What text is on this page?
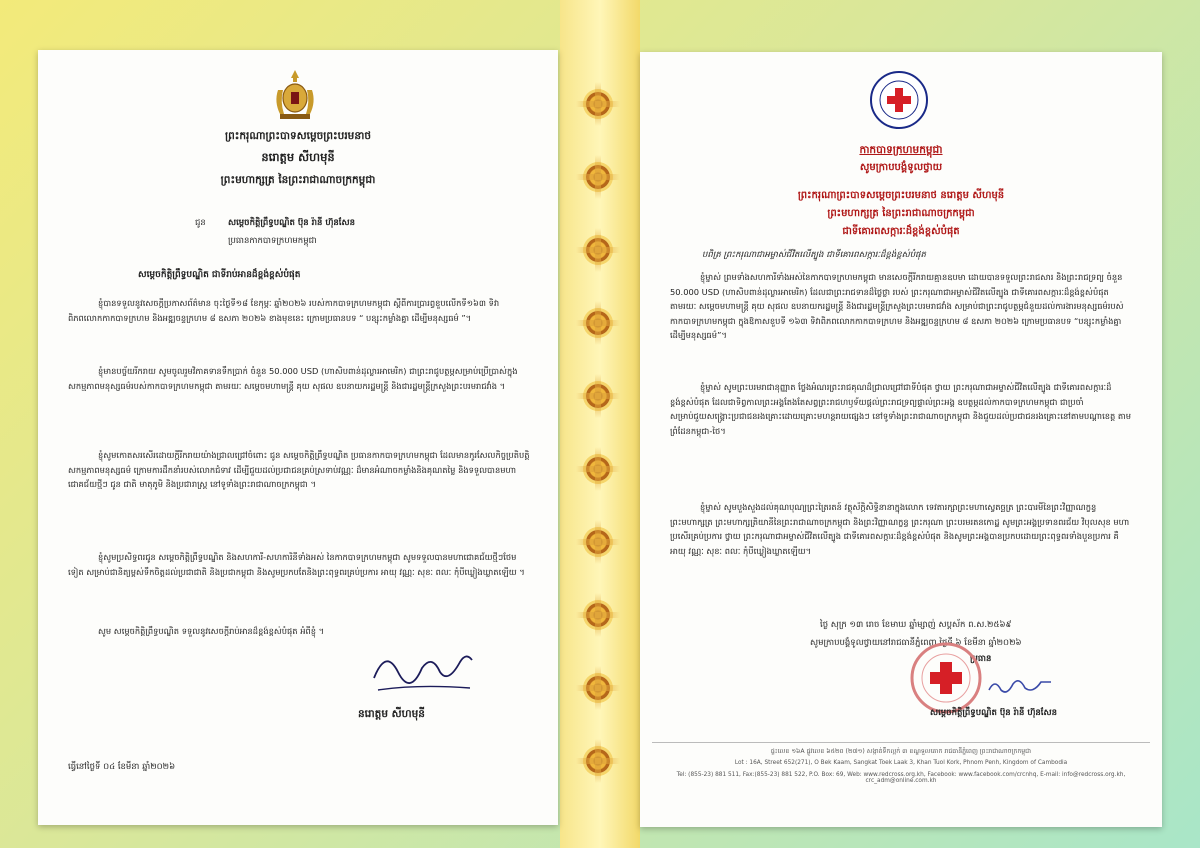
ព្រះករុណាព្រះបាទសម្តេចព្រះបរមនាថ
នរោត្តម សីហមុនី
ព្រះមហាក្សត្រ នៃព្រះរាជាណាចក្រកម្ពុជា
ជូន	សម្តេចកិត្តិព្រឹទ្ធបណ្ឌិត ប៊ុន រ៉ានី ហ៊ុនសែន
ប្រធានកាកបាទក្រហមកម្ពុជា
សម្តេចកិត្តិព្រឹទ្ធបណ្ឌិត ជាទីរាប់អានដ៏ខ្ពង់ខ្ពស់បំផុត
ខ្ញុំបានទទួលនូវសេចក្តីប្រកាសព័ត៌មាន ចុះថ្ងៃទី១៨ ខែកុម្ភៈ ឆ្នាំ២០២៦ របស់កាកបាទក្រហមកម្ពុជា ស្តីពីការប្រារព្ធខួបលើកទី១៦៣ ទិវាពិភពលោកកាកបាទក្រហម និងអឌ្ឍចន្ទក្រហម ៨ ឧសភា ២០២៦ ខាងមុខនេះ ក្រោមប្រធានបទ “ បន្សុះកម្លាំងគ្នា ដើម្បីមនុស្សធម៌ ”។
ខ្ញុំមានបច្ច័យរីករាយ សូមចូលរួមវិភាគទានទឹកប្រាក់ ចំនួន 50.000 USD (ហាសិបពាន់ដុល្លារអាមេរិក) ជាព្រះរាជូបត្ថម្ភសម្រាប់ប្រើប្រាស់ក្នុងសកម្មភាពមនុស្សធម៌របស់កាកបាទក្រហមកម្ពុជា តាមរយៈ សម្តេចមហាមន្ត្រី គុយ សុផល ឧបនាយករដ្ឋមន្ត្រី និងជារដ្ឋមន្ត្រីក្រសួងព្រះបរមរាជវាំង ។
ខ្ញុំសូមកោតសរសើរដោយក្តីរីករាយយ៉ាងជ្រាលជ្រៅចំពោះ ជូន សម្តេចកិត្តិព្រឹទ្ធបណ្ឌិត ប្រធានកាកបាទក្រហមកម្ពុជា ដែលមានកូរសែលកិច្ចប្រតិបត្តិសកម្មភាពមនុស្សធម៌ ក្រោមការដឹកនាំរបស់លោកជំទាវ ដើម្បីជួយដល់ប្រជាជនគ្រប់ស្រទាប់វណ្ណៈ ដ៏មានអំណាចកម្លាំងនិងគុណតម្លៃ និងទទួលបានមហាជោគជ័យថ្មីៗ ជូន ជាតិ មាតុភូមិ និងប្រជារាស្ត្រ នៅទូទាំងព្រះរាជាណាចក្រកម្ពុជា ។
ខ្ញុំសូមប្រសិទ្ធពរជូន សម្តេចកិត្តិព្រឹទ្ធបណ្ឌិត និងសហការី-សហការិនីទាំងអស់ នៃកាកបាទក្រហមកម្ពុជា សូមទទួលបានមហាជោគជ័យថ្មីៗថែមទៀត សម្រាប់ជានិត្យម្ពស់ទឹកចិត្តដល់ប្រជាជាតិ និងប្រជាកម្ពុជា និងសូមប្រកបតែនិងព្រះពុទ្ធពរគ្រប់ប្រការ អាយុ វណ្ណៈ សុខៈ ពលៈ កុំបីឃ្លៀងឃ្លាតឡើយ ។
សូម សម្តេចកិត្តិព្រឹទ្ធបណ្ឌិត ទទួលនូវសេចក្តីរាប់អានដ៏ខ្ពង់ខ្ពស់បំផុត អំពីខ្ញុំ ។
នរោត្តម សីហមុនី
ធ្វើនៅថ្ងៃទី ០៤ ខែមីនា ឆ្នាំ២០២៦
កាកបាទក្រហមកម្ពុជា
សូមក្រាបបង្គំទូលថ្វាយ
ព្រះករុណាព្រះបាទសម្តេចព្រះបរមនាថ នរោត្តម សីហមុនី
ព្រះមហាក្សត្រ នៃព្រះរាជាណាចក្រកម្ពុជា
ជាទីគោរពសក្ការៈដ៏ខ្ពង់ខ្ពស់បំផុត
បពិត្រ ព្រះករុណាជាអម្ចាស់ជីវិតលើត្បូង ជាទីគោរពសក្ការៈដ៏ខ្ពង់ខ្ពស់បំផុត
ខ្ញុំម្ចាស់ ព្រមទាំងសហការីទាំងអស់នៃកាកបាទក្រហមកម្ពុជា មានសេចក្តីរីករាយគ្មានឧបមា ដោយបានទទួលព្រះរាជសារ និងព្រះរាជទ្រព្យ ចំនួន 50.000 USD (ហាសិបពាន់ដុល្លារអាមេរិក) ដែលជាព្រះរាជទានដ៏ថ្លៃថ្លា របស់ ព្រះករុណាជាអម្ចាស់ជីវិតលើត្បូង ជាទីគោរពសក្ការៈដ៏ខ្ពង់ខ្ពស់បំផុត តាមរយៈ សម្តេចមហាមន្ត្រី គុយ សុផល ឧបនាយករដ្ឋមន្ត្រី និងជារដ្ឋមន្ត្រីក្រសួងព្រះបរមរាជវាំង សម្រាប់ជាព្រះរាជូបត្ថម្ភជំនួយដល់ការងារមនុស្សធម៌របស់កាកបាទក្រហមកម្ពុជា ក្នុងឱកាសខួបទី ១៦៣ ទិវាពិភពលោកកាកបាទក្រហម និងអឌ្ឍចន្ទក្រហម ៨ ឧសភា ២០២៦ ក្រោមប្រធានបទ “បន្សុះកម្លាំងគ្នា ដើម្បីមនុស្សធម៌”។
ខ្ញុំម្ចាស់ សូមព្រះបរមរាជានុញ្ញាត ថ្លែងអំណរព្រះរាជគុណដ៏ជ្រាលជ្រៅជាទីបំផុត ថ្វាយ ព្រះករុណាជាអម្ចាស់ជីវិតលើត្បូង ជាទីគោរពសក្ការៈដ៏ខ្ពង់ខ្ពស់បំផុត ដែលជាទិព្វកាលព្រះអង្គតែងតែសព្វព្រះរាជហឫទ័យផ្តល់ព្រះរាជទ្រព្យផ្ទាល់ព្រះអង្គ ឧបត្ថម្ភដល់កាកបាទក្រហមកម្ពុជា ជាប្រចាំ សម្រាប់ជួយសង្គ្រោះប្រជាជនរងគ្រោះដោយគ្រោះមហន្តរាយផ្សេងៗ នៅទូទាំងព្រះរាជាណាចក្រកម្ពុជា និងជួយដល់ប្រជាជនរងគ្រោះនៅតាមបណ្តាខេត្ត តាមព្រំដែនកម្ពុជា-ថៃ។
ខ្ញុំម្ចាស់ សូមបួងសួងដល់គុណបុណ្យព្រះត្រៃរតន៍ វត្ថុស័ក្តិសិទ្ធិនានាក្នុងលោក ទេវតារក្សាព្រះមហាស្វេតច្ឆត្រ ព្រះបារមីនៃព្រះវិញ្ញាណក្ខន្ធព្រះមហាក្សត្រ ព្រះមហាក្សត្រិយានីនៃព្រះរាជាណាចក្រកម្ពុជា និងព្រះវិញ្ញាណក្ខន្ធ ព្រះករុណា ព្រះបរមរតនកោដ្ឋ សូមព្រះអង្គប្រទានពរជ័យ វិបុលសុខ មហាប្រសើរគ្រប់ប្រការ ថ្វាយ ព្រះករុណាជាអម្ចាស់ជីវិតលើត្បូង ជាទីគោរពសក្ការៈដ៏ខ្ពង់ខ្ពស់បំផុត និងសូមព្រះអង្គបានប្រកបដោយព្រះពុទ្ធពរទាំងបួនប្រការ គឺ អាយុ វណ្ណៈ សុខៈ ពលៈ កុំបីឃ្លៀងឃ្លាតឡើយ។
ថ្ងៃ សុក្រ ១៣ រោច ខែមាឃ ឆ្នាំម្សាញ់ សប្តស័ក ព.ស.២៥៦៩
សូមក្រាបបង្គំទូលថ្វាយនៅរាជធានីភ្នំពេញ ថ្ងៃទី ៦ ខែមីនា ឆ្នាំ២០២៦
ប្រធាន
សម្តេចកិត្តិព្រឹទ្ធបណ្ឌិត ប៊ុន រ៉ានី ហ៊ុនសែន
ផ្ទះលេខ ១៦A ផ្លូវលេខ ៦៥២ព (២៧១) សង្កាត់ទឹកល្អក់ ៣ ខណ្ឌទួលគោក រាជធានីភ្នំពេញ ព្រះរាជាណាចក្រកម្ពុជា
Lot : 16A, Street 652(271), O Bek Kaam, Sangkat Toek Laak 3, Khan Tuol Kork, Phnom Penh, Kingdom of Cambodia
Tel: (855-23) 881 511, Fax:(855-23) 881 522, P.O. Box: 69, Web: www.redcross.org.kh, Facebook: www.facebook.com/crcnhq, E-mail: info@redcross.org.kh, crc_adm@online.com.kh
